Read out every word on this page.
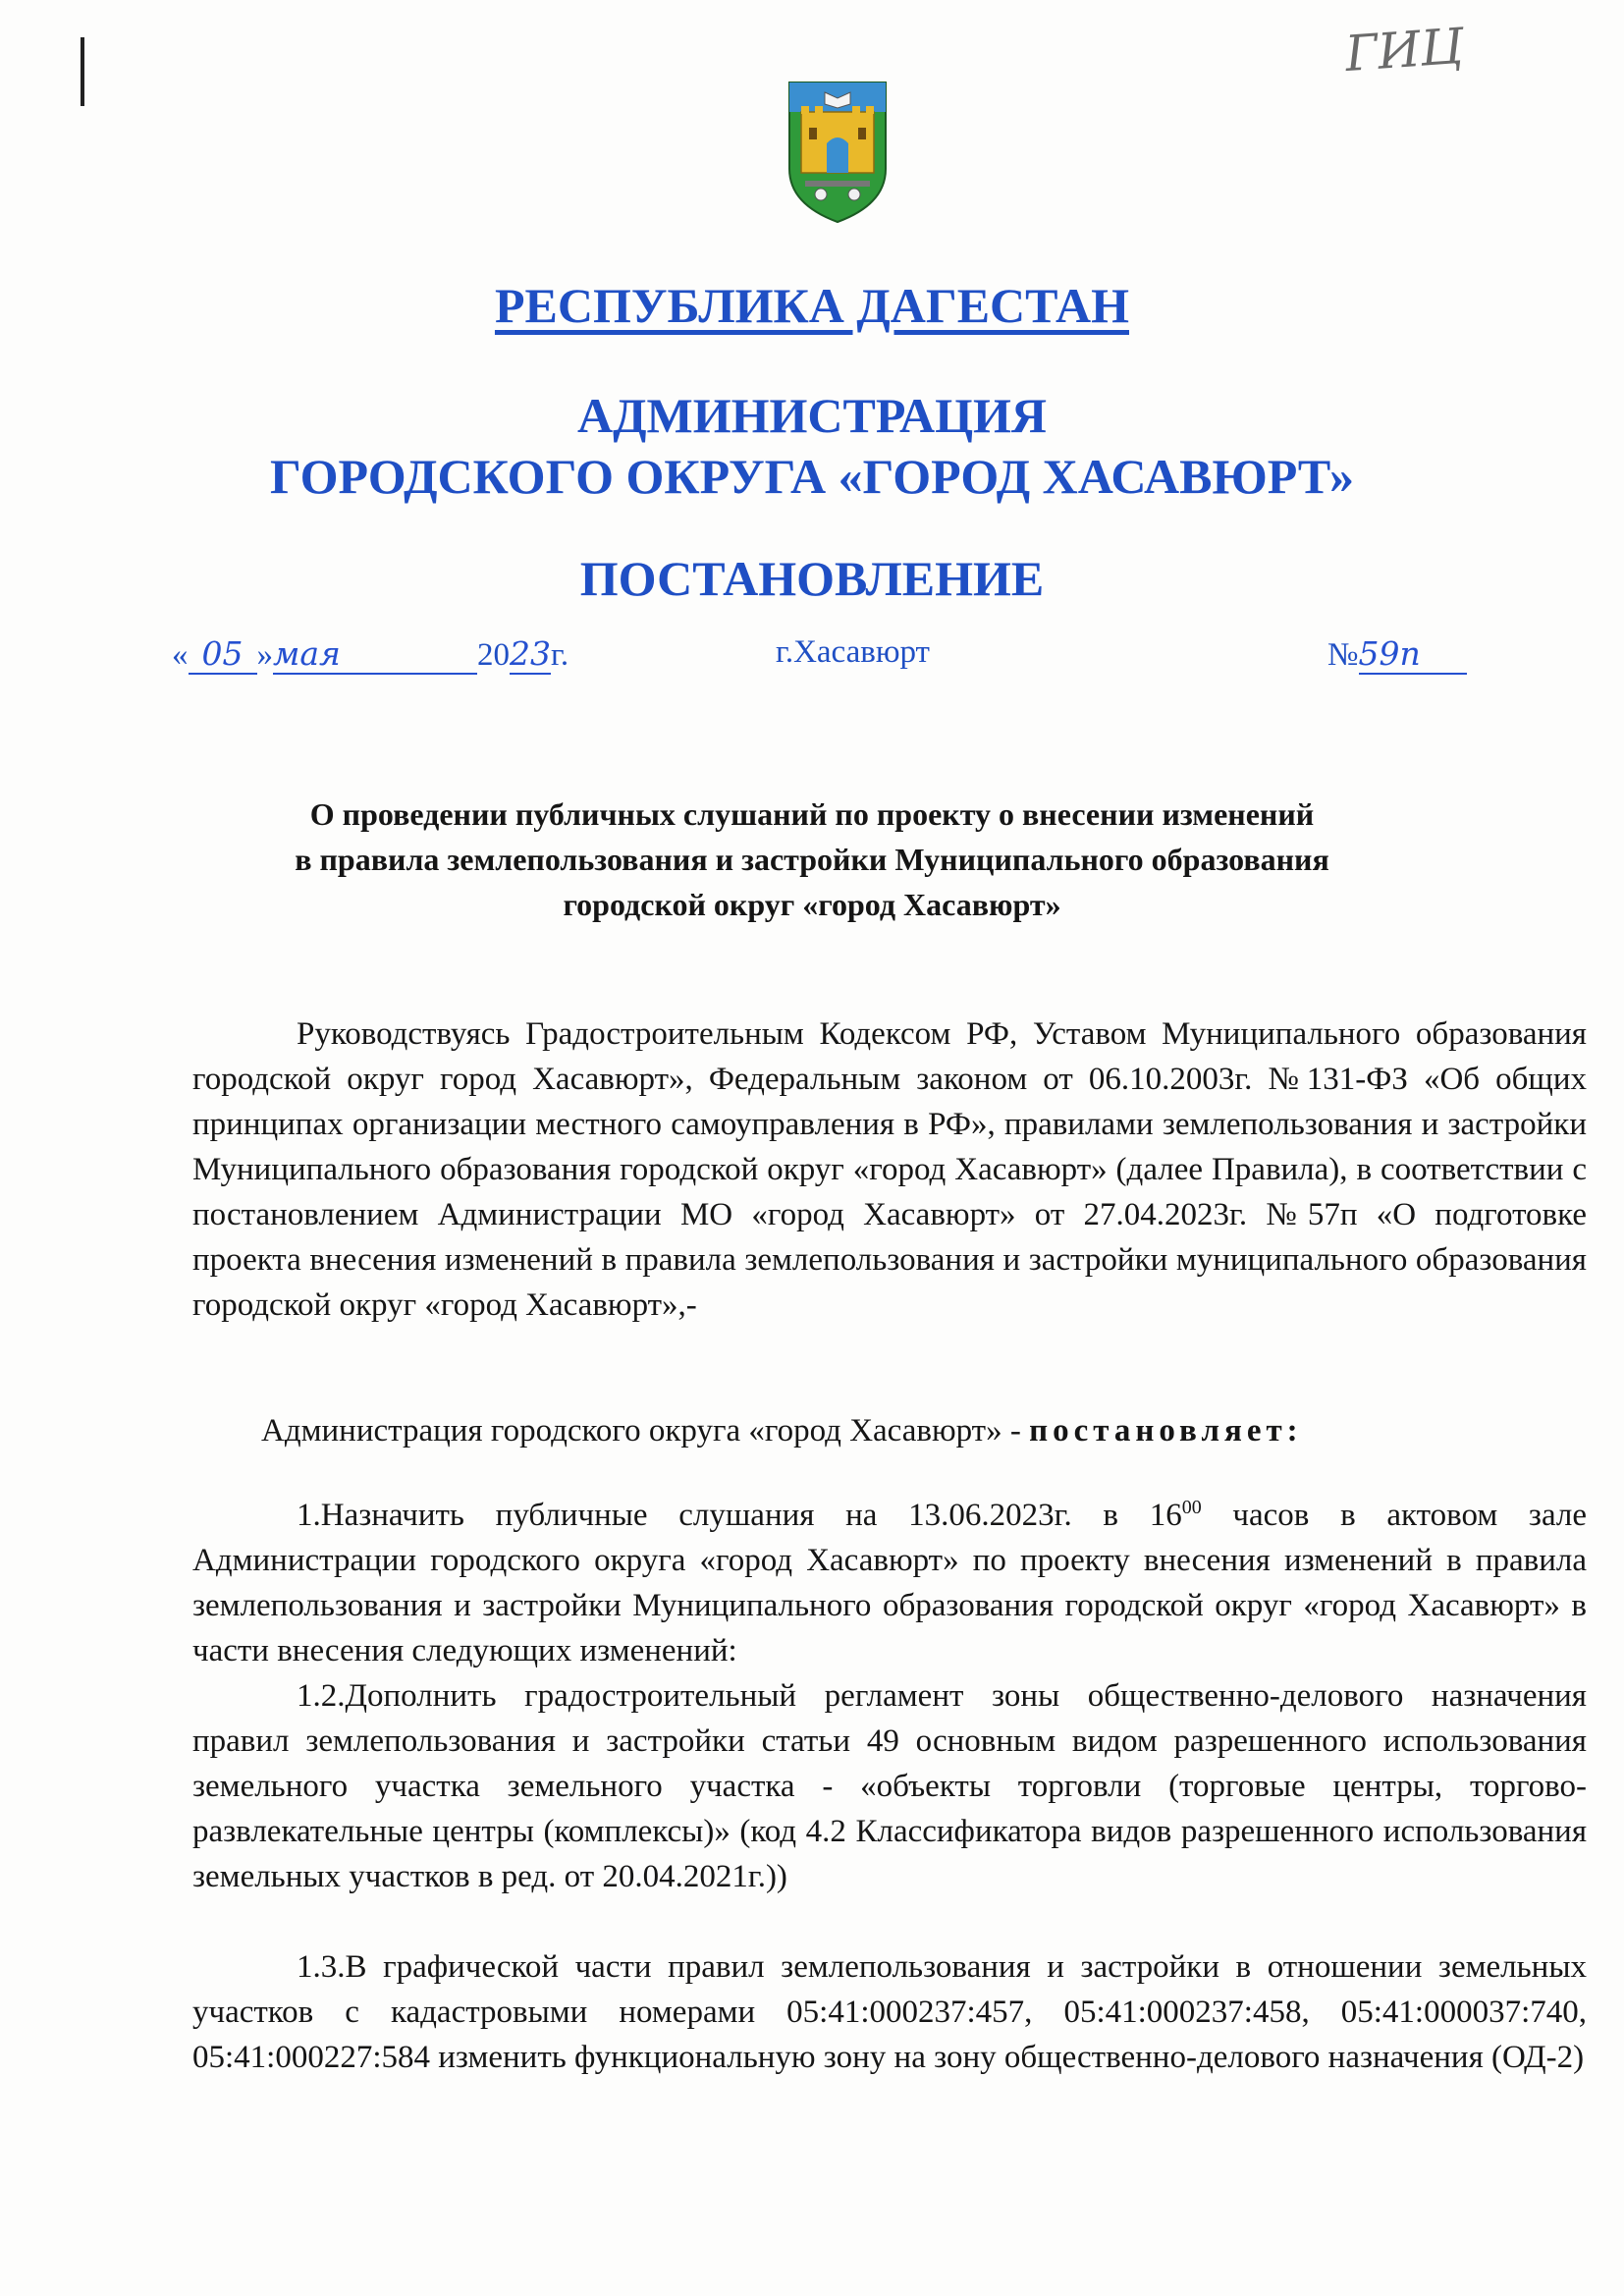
ГИЦ
РЕСПУБЛИКА ДАГЕСТАН
АДМИНИСТРАЦИЯ
ГОРОДСКОГО ОКРУГА «ГОРОД ХАСАВЮРТ»
ПОСТАНОВЛЕНИЕ
« 05 »мая	2023г.	г.Хасавюрт	№59п
О проведении публичных слушаний по проекту о внесении изменений
в правила землепользования и застройки Муниципального образования
городской округ «город Хасавюрт»
Руководствуясь Градостроительным Кодексом РФ, Уставом Муниципального образования городской округ город Хасавюрт», Федеральным законом от 06.10.2003г. №131-ФЗ «Об общих принципах организации местного самоуправления в РФ», правилами землепользования и застройки Муниципального образования городской округ «город Хасавюрт» (далее Правила), в соответствии с постановлением Администрации МО «город Хасавюрт» от 27.04.2023г. №57п «О подготовке проекта внесения изменений в правила землепользования и застройки муниципального образования городской округ «город Хасавюрт»,-
Администрация городского округа «город Хасавюрт» - постановляет:
1.Назначить публичные слушания на 13.06.2023г. в $16^{00}$ часов в актовом зале Администрации городского округа «город Хасавюрт» по проекту внесения изменений в правила землепользования и застройки Муниципального образования городской округ «город Хасавюрт» в части внесения следующих изменений:
1.2.Дополнить градостроительный регламент зоны общественно-делового назначения правил землепользования и застройки статьи 49 основным видом разрешенного использования земельного участка земельного участка - «объекты торговли (торговые центры, торгово-развлекательные центры (комплексы)» (код 4.2 Классификатора видов разрешенного использования земельных участков в ред. от 20.04.2021г.))
1.3.В графической части правил землепользования и застройки в отношении земельных участков с кадастровыми номерами 05:41:000237:457, 05:41:000237:458, 05:41:000037:740, 05:41:000227:584 изменить функциональную зону на зону общественно-делового назначения (ОД-2)
